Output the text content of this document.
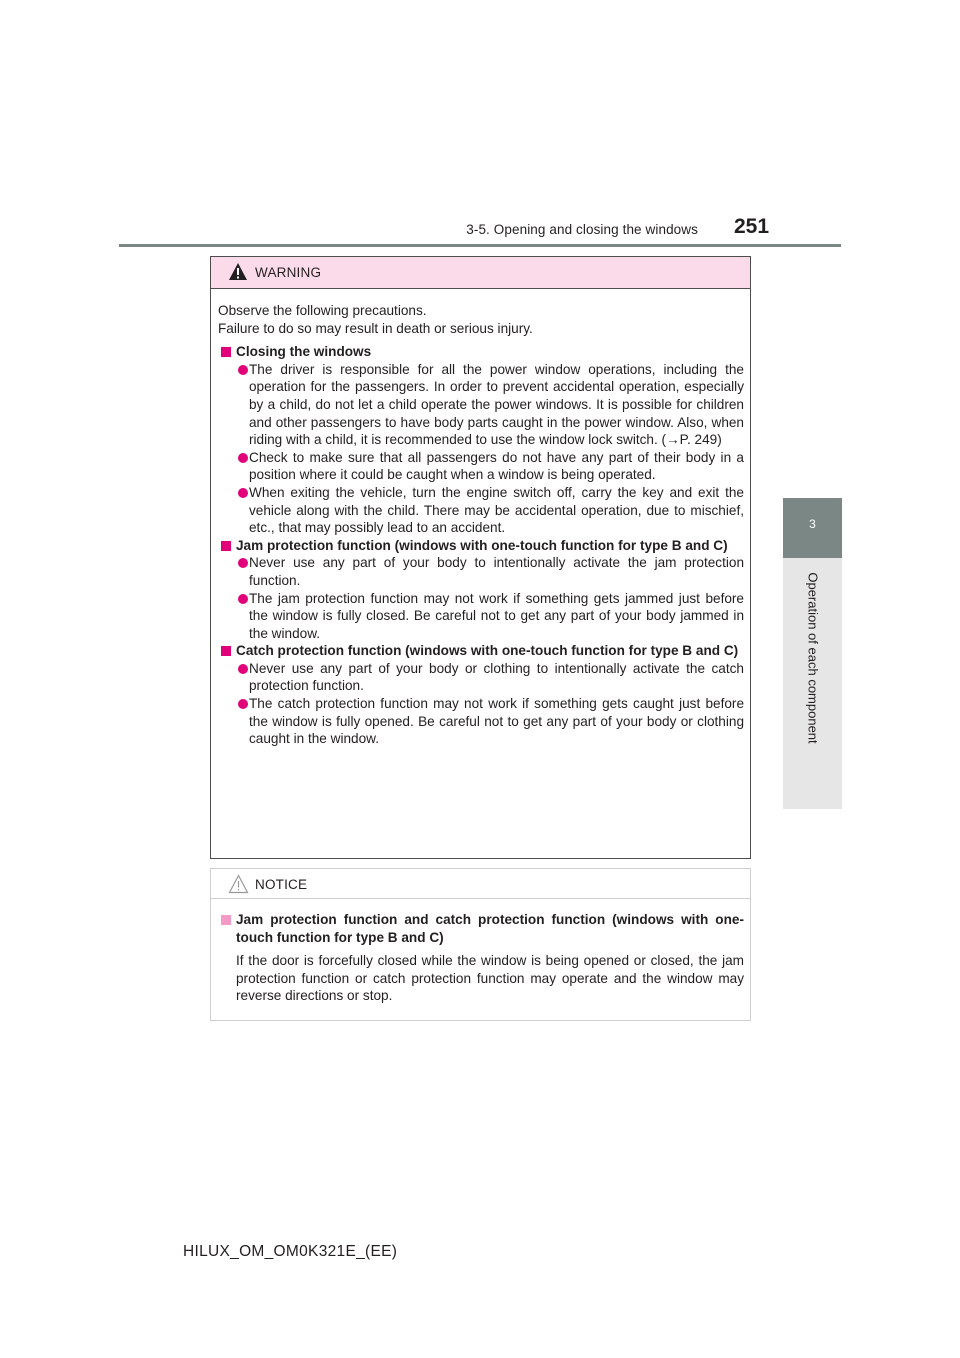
3-5. Opening and closing the windows 251
3
Operation of each component
WARNING

Observe the following precautions.
Failure to do so may result in death or serious injury.

Closing the windows

The driver is responsible for all the power window operations, including the operation for the passengers. In order to prevent accidental operation, especially by a child, do not let a child operate the power windows. It is possible for children and other passengers to have body parts caught in the power window. Also, when riding with a child, it is recommended to use the window lock switch. (→P. 249)

Check to make sure that all passengers do not have any part of their body in a position where it could be caught when a window is being operated.

When exiting the vehicle, turn the engine switch off, carry the key and exit the vehicle along with the child. There may be accidental operation, due to mischief, etc., that may possibly lead to an accident.

Jam protection function (windows with one-touch function for type B and C)

Never use any part of your body to intentionally activate the jam protection function.

The jam protection function may not work if something gets jammed just before the window is fully closed. Be careful not to get any part of your body jammed in the window.

Catch protection function (windows with one-touch function for type B and C)

Never use any part of your body or clothing to intentionally activate the catch protection function.

The catch protection function may not work if something gets caught just before the window is fully opened. Be careful not to get any part of your body or clothing caught in the window.

NOTICE

Jam protection function and catch protection function (windows with one-touch function for type B and C)

If the door is forcefully closed while the window is being opened or closed, the jam protection function or catch protection function may operate and the window may reverse directions or stop.

HILUX_OM_OM0K321E_(EE)
